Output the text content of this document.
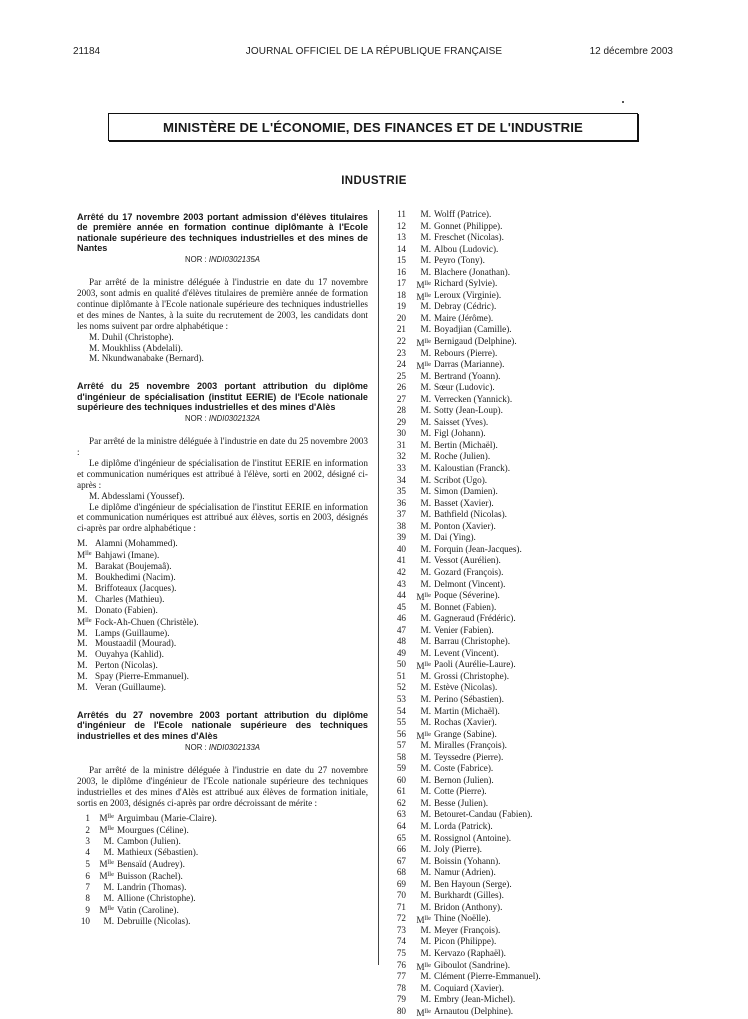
21184	JOURNAL OFFICIEL DE LA RÉPUBLIQUE FRANÇAISE	12 décembre 2003
MINISTÈRE DE L'ÉCONOMIE, DES FINANCES ET DE L'INDUSTRIE
INDUSTRIE
Arrêté du 17 novembre 2003 portant admission d'élèves titulaires de première année en formation continue diplômante à l'Ecole nationale supérieure des techniques industrielles et des mines de Nantes
NOR : INDI0302135A

Par arrêté de la ministre déléguée à l'industrie en date du 17 novembre 2003, sont admis en qualité d'élèves titulaires de première année de formation continue diplômante à l'Ecole nationale supérieure des techniques industrielles et des mines de Nantes, à la suite du recrutement de 2003, les candidats dont les noms suivent par ordre alphabétique :

M. Duhil (Christophe).
M. Moukhliss (Abdelali).
M. Nkundwanabake (Bernard).
Arrêté du 25 novembre 2003 portant attribution du diplôme d'ingénieur de spécialisation (institut EERIE) de l'Ecole nationale supérieure des techniques industrielles et des mines d'Alès
NOR : INDI0302132A

Par arrêté de la ministre déléguée à l'industrie en date du 25 novembre 2003 :

Le diplôme d'ingénieur de spécialisation de l'institut EERIE en information et communication numériques est attribué à l'élève, sorti en 2002, désigné ci-après :

M. Abdesslami (Youssef).

Le diplôme d'ingénieur de spécialisation de l'institut EERIE en information et communication numériques est attribué aux élèves, sortis en 2003, désignés ci-après par ordre alphabétique :

M. Alamni (Mohammed).
$M^{lle}$ Bahjawi (Imane).
M. Barakat (Boujemaâ).
M. Boukhedimi (Nacim).
M. Briffoteaux (Jacques).
M. Charles (Mathieu).
M. Donato (Fabien).
$M^{lle}$ Fock-Ah-Chuen (Christèle).
M. Lamps (Guillaume).
M. Moustaadil (Mourad).
M. Ouyahya (Kahlid).
M. Perton (Nicolas).
M. Spay (Pierre-Emmanuel).
M. Veran (Guillaume).
Arrêtés du 27 novembre 2003 portant attribution du diplôme d'ingénieur de l'Ecole nationale supérieure des techniques industrielles et des mines d'Alès
NOR : INDI0302133A

Par arrêté de la ministre déléguée à l'industrie en date du 27 novembre 2003, le diplôme d'ingénieur de l'Ecole nationale supérieure des techniques industrielles et des mines d'Alès est attribué aux élèves de formation initiale, sortis en 2003, désignés ci-après par ordre décroissant de mérite :

1 $M^{lle}$ Arguimbau (Marie-Claire).
2 $M^{lle}$ Mourgues (Céline).
3 M. Cambon (Julien).
4 M. Mathieux (Sébastien).
5 $M^{lle}$ Bensaïd (Audrey).
6 $M^{lle}$ Buisson (Rachel).
7 M. Landrin (Thomas).
8 M. Allione (Christophe).
9 $M^{lle}$ Vatin (Caroline).
10 M. Debruille (Nicolas).
11	M. Wolff (Patrice).
12	M. Gonnet (Philippe).
13	M. Freschet (Nicolas).
14	M. Albou (Ludovic).
15	M. Peyro (Tony).
16	M. Blachere (Jonathan).
17	$M^{lle}$ Richard (Sylvie).
18	$M^{lle}$ Leroux (Virginie).
19	M. Debray (Cédric).
20	M. Maire (Jérôme).
21	M. Boyadjian (Camille).
22	$M^{lle}$ Bernigaud (Delphine).
23	M. Rebours (Pierre).
24	$M^{lle}$ Darras (Marianne).
25	M. Bertrand (Yoann).
26	M. Sœur (Ludovic).
27	M. Verrecken (Yannick).
28	M. Sotty (Jean-Loup).
29	M. Saisset (Yves).
30	M. Figl (Johann).
31	M. Bertin (Michaël).
32	M. Roche (Julien).
33	M. Kaloustian (Franck).
34	M. Scribot (Ugo).
35	M. Simon (Damien).
36	M. Basset (Xavier).
37	M. Bathfield (Nicolas).
38	M. Ponton (Xavier).
39	M. Dai (Ying).
40	M. Forquin (Jean-Jacques).
41	M. Vessot (Aurélien).
42	M. Gozard (François).
43	M. Delmont (Vincent).
44	$M^{lle}$ Poque (Séverine).
45	M. Bonnet (Fabien).
46	M. Gagneraud (Frédéric).
47	M. Venier (Fabien).
48	M. Barrau (Christophe).
49	M. Levent (Vincent).
50	$M^{lle}$ Paoli (Aurélie-Laure).
51	M. Grossi (Christophe).
52	M. Estève (Nicolas).
53	M. Perino (Sébastien).
54	M. Martin (Michaël).
55	M. Rochas (Xavier).
56	$M^{lle}$ Grange (Sabine).
57	M. Miralles (François).
58	M. Teyssedre (Pierre).
59	M. Coste (Fabrice).
60	M. Bernon (Julien).
61	M. Cotte (Pierre).
62	M. Besse (Julien).
63	M. Betouret-Candau (Fabien).
64	M. Lorda (Patrick).
65	M. Rossignol (Antoine).
66	M. Joly (Pierre).
67	M. Boissin (Yohann).
68	M. Namur (Adrien).
69	M. Ben Hayoun (Serge).
70	M. Burkhardt (Gilles).
71	M. Bridon (Anthony).
72	$M^{lle}$ Thine (Noëlle).
73	M. Meyer (François).
74	M. Picon (Philippe).
75	M. Kervazo (Raphaël).
76	$M^{lle}$ Giboulot (Sandrine).
77	M. Clément (Pierre-Emmanuel).
78	M. Coquiard (Xavier).
79	M. Embry (Jean-Michel).
80	$M^{lle}$ Arnautou (Delphine).
